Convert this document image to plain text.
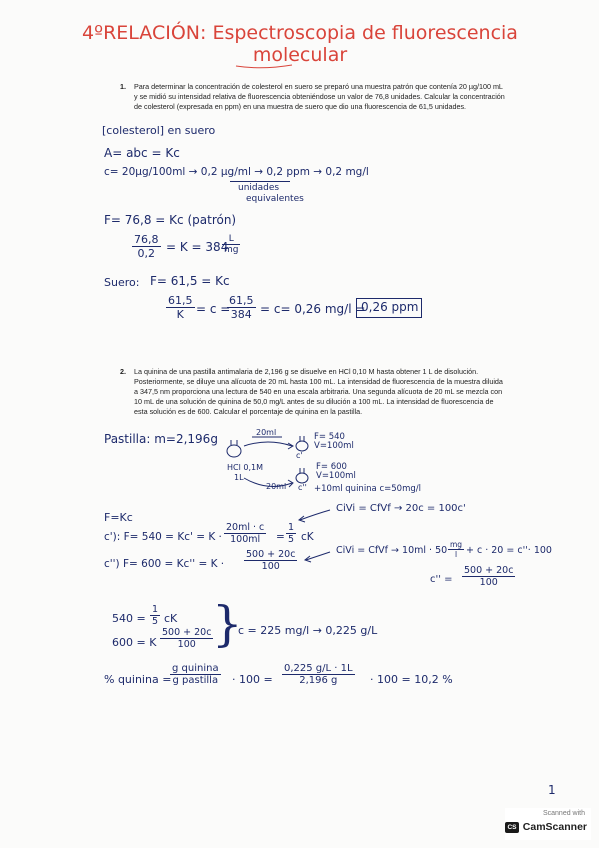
4ºRELACIÓN: Espectroscopia de fluorescencia
molecular
1. Para determinar la concentración de colesterol en suero se preparó una muestra patrón que contenía 20 µg/100 mL
y se midió su intensidad relativa de fluorescencia obteniéndose un valor de 76,8 unidades. Calcular la concentración
de colesterol (expresada en ppm) en una muestra de suero que dio una fluorescencia de 61,5 unidades.
[colesterol] en suero
A= abc = Kc
c= 20µg/100ml → 0,2 µg/ml → 0,2 ppm → 0,2 mg/l
unidades
equivalentes
F= 76,8 = Kc (patrón)
$\frac{76,8}{0,2} = K = 384$
$\frac{L}{mg}$
Suero: F= 61,5 = Kc
$\frac{61,5}{K} = c$ =
$\frac{61,5}{384} = c= 0,26$ mg/l =
0,26 ppm
2. La quinina de una pastilla antimalaria de 2,196 g se disuelve en HCl 0,10 M hasta obtener 1 L de disolución.
Posteriormente, se diluye una alícuota de 20 mL hasta 100 mL. La intensidad de fluorescencia de la muestra diluida
a 347,5 nm proporciona una lectura de 540 en una escala arbitraria. Una segunda alícuota de 20 mL se mezcla con
10 mL de una solución de quinina de 50,0 mg/L antes de su dilución a 100 mL. La intensidad de fluorescencia de
esta solución es de 600. Calcular el porcentaje de quinina en la pastilla.
Pastilla: m=2,196g	20ml
HCl 0,1M
1L
F= 540
V=100ml
c'
F= 600
V=100ml
20ml	+10ml quinina c=50mg/l
c''
F=Kc
CiVi = CfVf → 20c = 100c'
c'): $F= 540 = Kc' = K \cdot \frac{20ml \cdot c}{100ml} = \frac{1}{5}$ cK
c'') $F= 600 = Kc'' = K \cdot \frac{500 + 20c}{100}$	CiVi = CfVf → $10ml \cdot 50 \frac{mg}{l} + c \cdot 20 = c''\cdot 100$
$c'' = \frac{500 + 20c}{100}$
$540 = \frac{1}{5}$ cK
600 = K $\frac{500 + 20c}{100}$
}
c = 225 mg/l → 0,225 g/L
% quinina =
g quinina
g pastilla · $100 = \frac{0,225 g/L \cdot 1L}{2,196 g} \cdot 100 = 10,2$ %
1
Scanned with
CS CamScanner
